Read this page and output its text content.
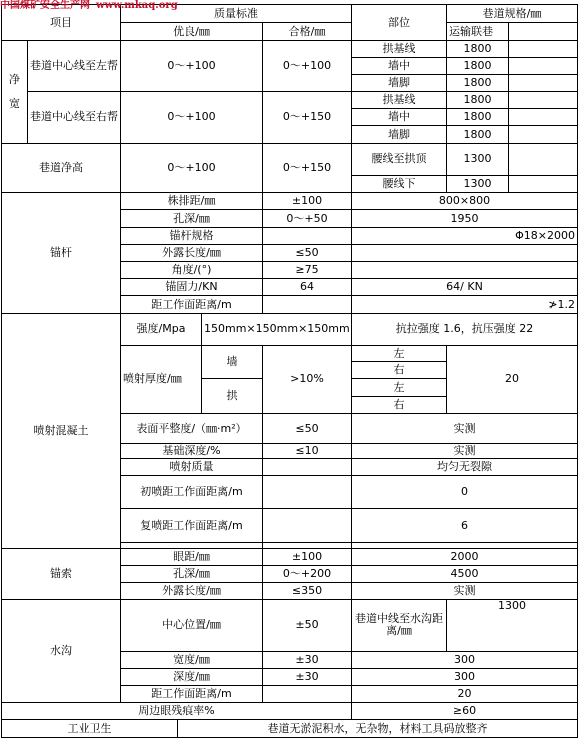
中国煤矿安全生产网 www.mkaq.org
项目		质量标准				部位	巷道规格/㎜	
		优良/㎜			合格/㎜		运输联巷	
净

宽	巷道中心线至左帮	0～+100			0～+100	拱基线	1800	
						墙中	1800	
						墙脚	1800	
	巷道中心线至右帮	0～+100			0～+150	拱基线	1800	
						墙中	1800	
						墙脚	1800	
巷道净高		0～+100			0～+150	腰线至拱顶	1300	
						腰线下	1300	
锚杆		株排距/㎜			±100	800×800		
		孔深/㎜			0～+50	1950		
		锚杆规格				Φ18×2000		
		外露长度/㎜			≤50			
		角度/(°)			≥75			
		锚固力/KN			64	64/ KN		
		距工作面距离/m				≯1.2		
喷射混凝土		强度/Mpa		150mm×150mm×150mm		抗拉强度 1.6，抗压强度 22		
		喷射厚度/㎜		墙	>10%	左	20	
						右		
				拱		左		
						右		
		表面平整度/（㎜·m²）			≤50	实测		
		基础深度/%			≤10	实测		
		喷射质量				均匀无裂隙		
		初喷距工作面距离/m				0		
		复喷距工作面距离/m				6		

锚索		眼距/㎜			±100	2000		
		孔深/㎜			0～+200	4500		
		外露长度/㎜			≤350	实测		
水沟		中心位置/㎜			±50	巷道中线至水沟距离/㎜	1300	
		宽度/㎜			±30	300		
		深度/㎜			±30	300		
		距工作面距离/m				20		
周边眼残痕率%						≥60		
工业卫生			巷道无淤泥积水，无杂物，材料工具码放整齐					
